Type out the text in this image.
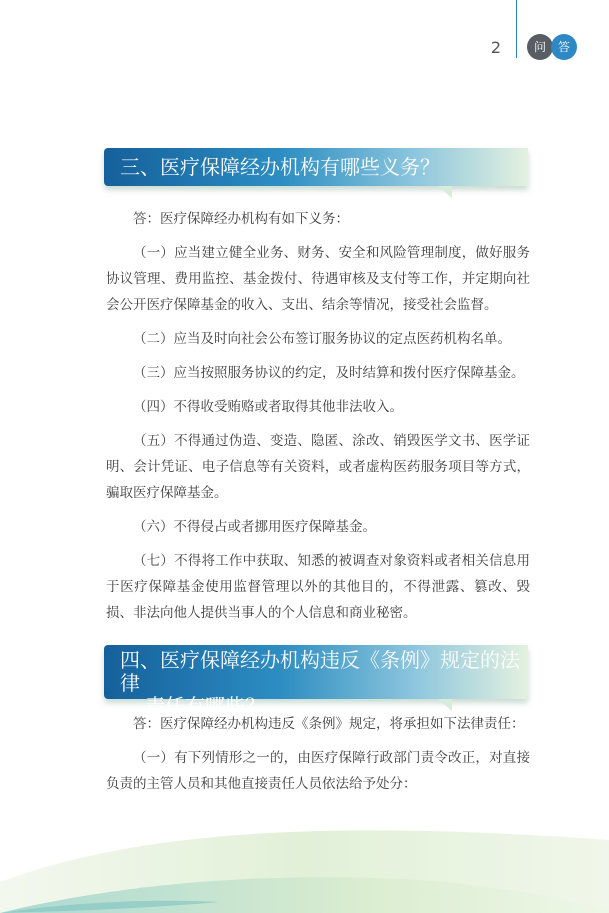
2	问 答
三、医疗保障经办机构有哪些义务？

答：医疗保障经办机构有如下义务：

（一）应当建立健全业务、财务、安全和风险管理制度，做好服务协议管理、费用监控、基金拨付、待遇审核及支付等工作，并定期向社会公开医疗保障基金的收入、支出、结余等情况，接受社会监督。

（二）应当及时向社会公布签订服务协议的定点医药机构名单。

（三）应当按照服务协议的约定，及时结算和拨付医疗保障基金。

（四）不得收受贿赂或者取得其他非法收入。

（五）不得通过伪造、变造、隐匿、涂改、销毁医学文书、医学证明、会计凭证、电子信息等有关资料，或者虚构医药服务项目等方式，骗取医疗保障基金。

（六）不得侵占或者挪用医疗保障基金。

（七）不得将工作中获取、知悉的被调查对象资料或者相关信息用于医疗保障基金使用监督管理以外的其他目的，不得泄露、篡改、毁损、非法向他人提供当事人的个人信息和商业秘密。

四、医疗保障经办机构违反《条例》规定的法律
责任有哪些？

答：医疗保障经办机构违反《条例》规定，将承担如下法律责任：

（一）有下列情形之一的，由医疗保障行政部门责令改正，对直接负责的主管人员和其他直接责任人员依法给予处分：
